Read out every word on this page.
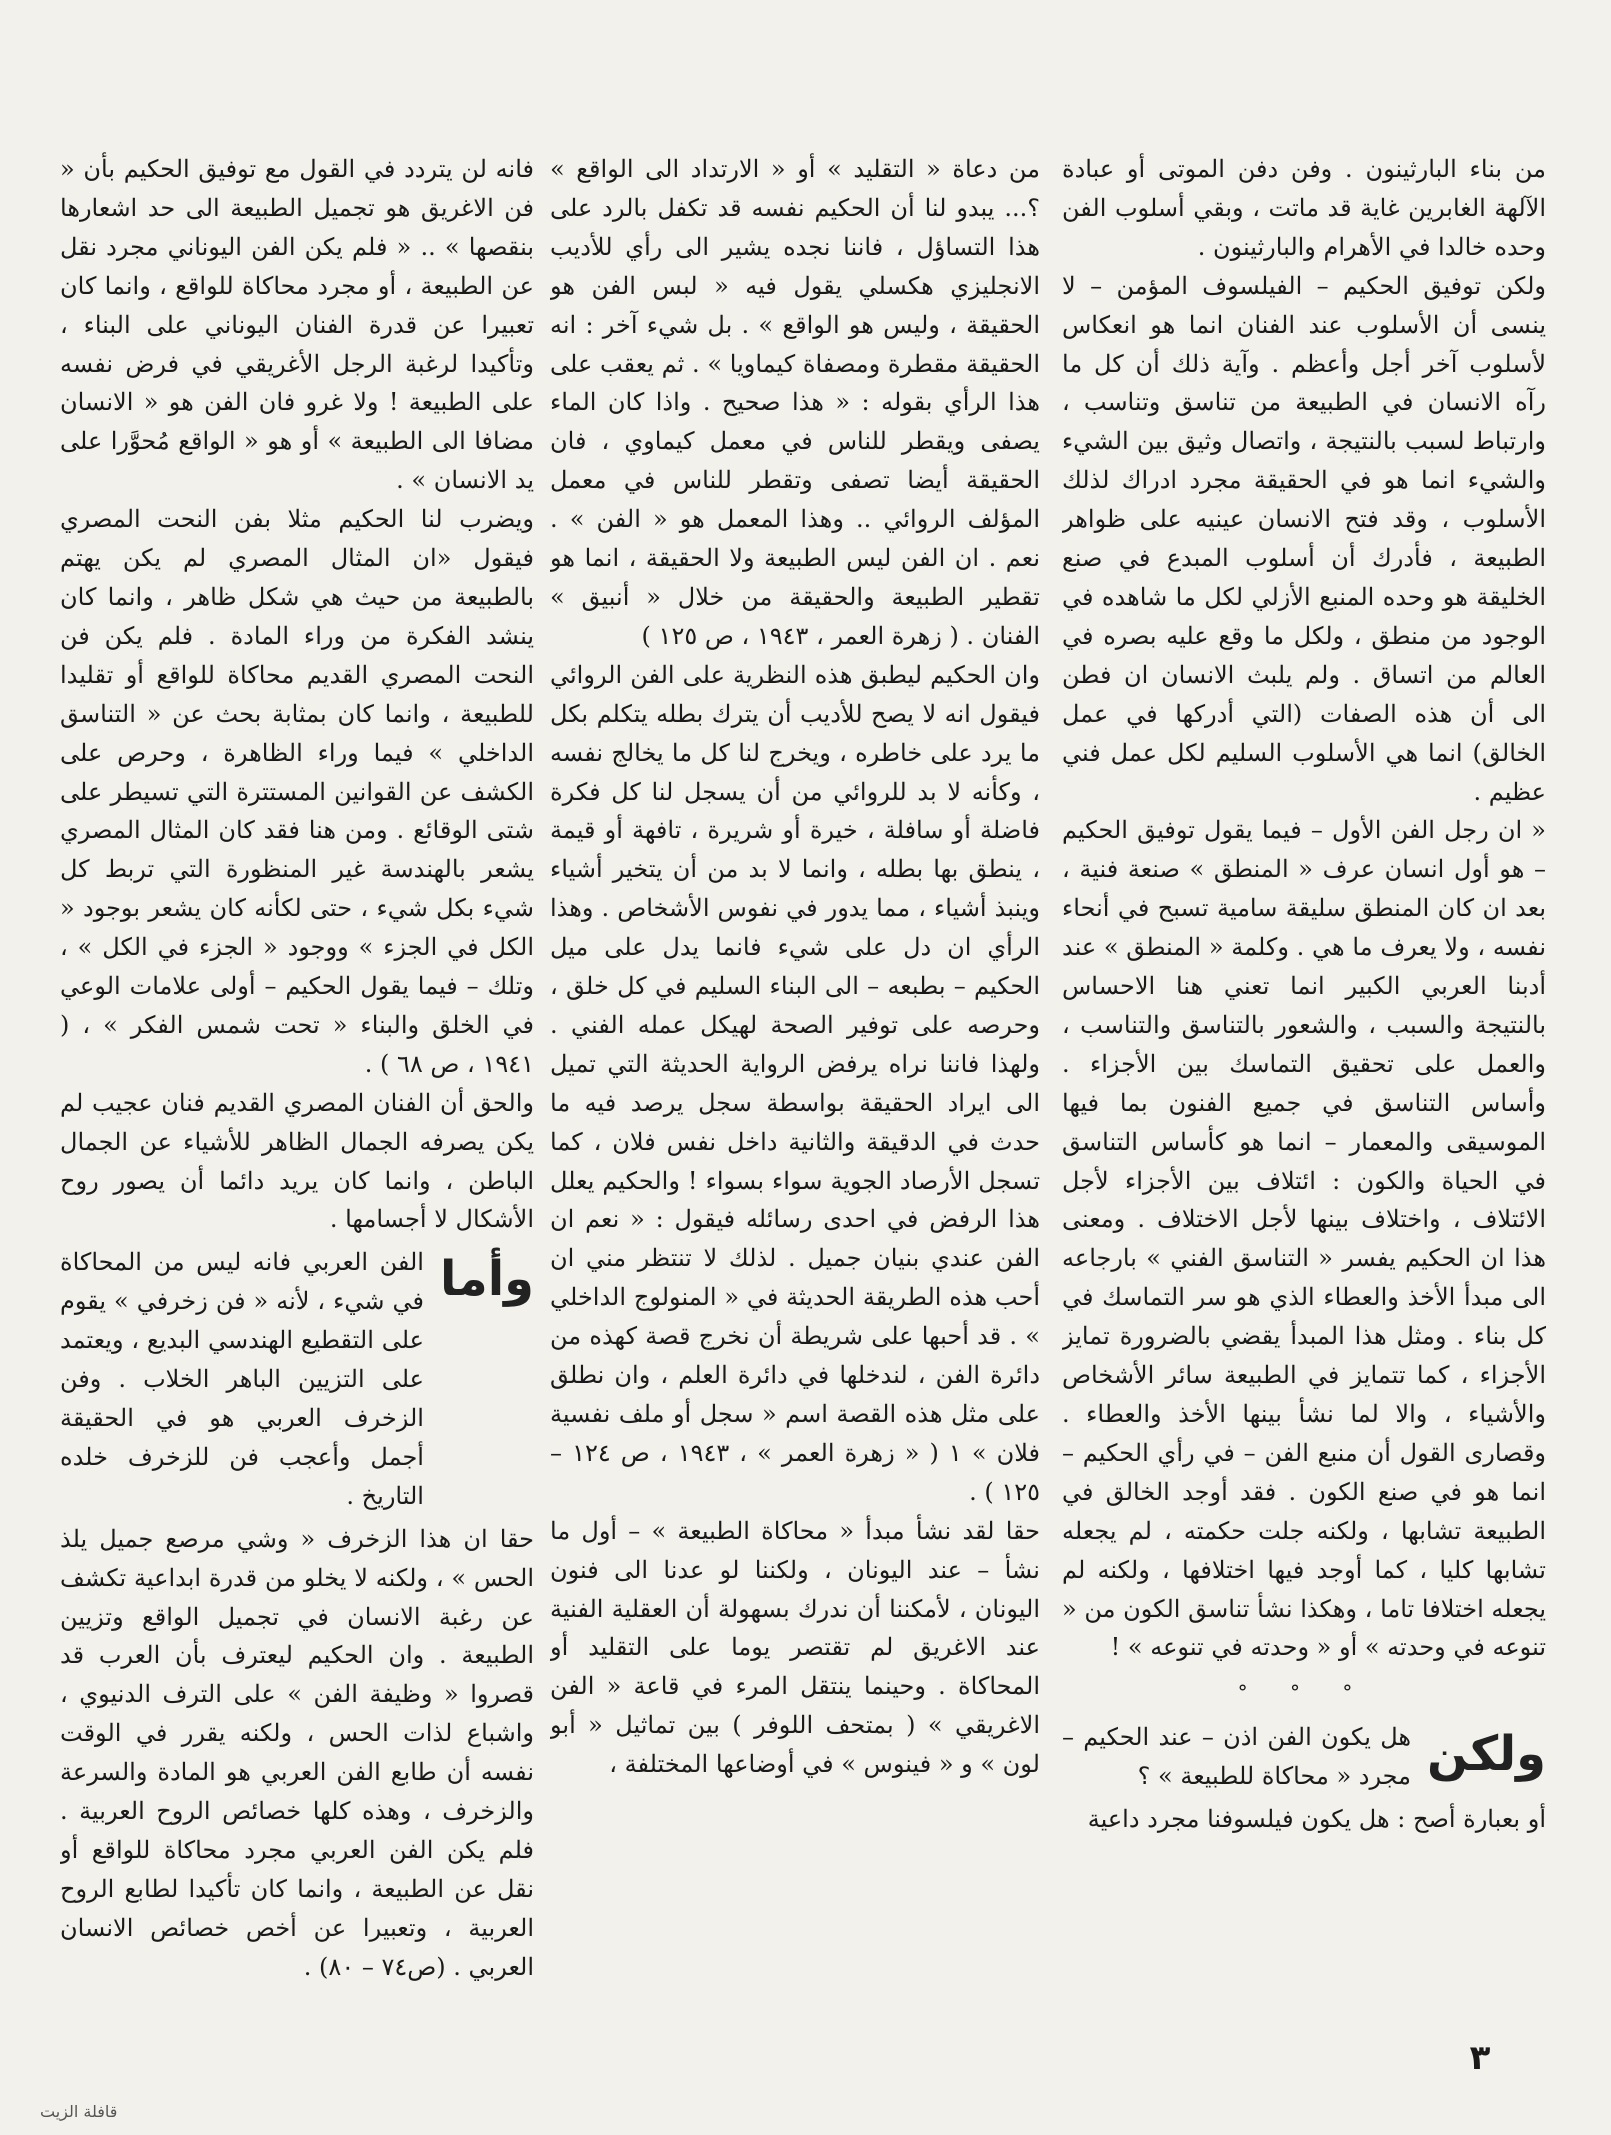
من بناء البارثينون . وفن دفن الموتى أو عبادة الآلهة الغابرين غاية قد ماتت ، وبقي أسلوب الفن وحده خالدا في الأهرام والبارثينون .

ولكن توفيق الحكيم – الفيلسوف المؤمن – لا ينسى أن الأسلوب عند الفنان انما هو انعكاس لأسلوب آخر أجل وأعظم . وآية ذلك أن كل ما رآه الانسان في الطبيعة من تناسق وتناسب ، وارتباط لسبب بالنتيجة ، واتصال وثيق بين الشيء والشيء انما هو في الحقيقة مجرد ادراك لذلك الأسلوب ، وقد فتح الانسان عينيه على ظواهر الطبيعة ، فأدرك أن أسلوب المبدع في صنع الخليقة هو وحده المنبع الأزلي لكل ما شاهده في الوجود من منطق ، ولكل ما وقع عليه بصره في العالم من اتساق . ولم يلبث الانسان ان فطن الى أن هذه الصفات (التي أدركها في عمل الخالق) انما هي الأسلوب السليم لكل عمل فني عظيم .

« ان رجل الفن الأول – فيما يقول توفيق الحكيم – هو أول انسان عرف « المنطق » صنعة فنية ، بعد ان كان المنطق سليقة سامية تسبح في أنحاء نفسه ، ولا يعرف ما هي . وكلمة « المنطق » عند أدبنا العربي الكبير انما تعني هنا الاحساس بالنتيجة والسبب ، والشعور بالتناسق والتناسب ، والعمل على تحقيق التماسك بين الأجزاء . وأساس التناسق في جميع الفنون بما فيها الموسيقى والمعمار – انما هو كأساس التناسق في الحياة والكون : ائتلاف بين الأجزاء لأجل الائتلاف ، واختلاف بينها لأجل الاختلاف . ومعنى هذا ان الحكيم يفسر « التناسق الفني » بارجاعه الى مبدأ الأخذ والعطاء الذي هو سر التماسك في كل بناء . ومثل هذا المبدأ يقضي بالضرورة تمايز الأجزاء ، كما تتمايز في الطبيعة سائر الأشخاص والأشياء ، والا لما نشأ بينها الأخذ والعطاء . وقصارى القول أن منبع الفن – في رأي الحكيم – انما هو في صنع الكون . فقد أوجد الخالق في الطبيعة تشابها ، ولكنه جلت حكمته ، لم يجعله تشابها كليا ، كما أوجد فيها اختلافها ، ولكنه لم يجعله اختلافا تاما ، وهكذا نشأ تناسق الكون من « تنوعه في وحدته » أو « وحدته في تنوعه » !

° ° °
ولكن
هل يكون الفن اذن – عند الحكيم – مجرد « محاكاة للطبيعة » ؟

أو بعبارة أصح : هل يكون فيلسوفنا مجرد داعية

من دعاة « التقليد » أو « الارتداد الى الواقع » ؟... يبدو لنا أن الحكيم نفسه قد تكفل بالرد على هذا التساؤل ، فاننا نجده يشير الى رأي للأديب الانجليزي هكسلي يقول فيه « لبس الفن هو الحقيقة ، وليس هو الواقع » . بل شيء آخر : انه الحقيقة مقطرة ومصفاة كيماويا » . ثم يعقب على هذا الرأي بقوله : « هذا صحيح . واذا كان الماء يصفى ويقطر للناس في معمل كيماوي ، فان الحقيقة أيضا تصفى وتقطر للناس في معمل المؤلف الروائي .. وهذا المعمل هو « الفن » . نعم . ان الفن ليس الطبيعة ولا الحقيقة ، انما هو تقطير الطبيعة والحقيقة من خلال « أنبيق » الفنان . ( زهرة العمر ، ١٩٤٣ ، ص ١٢٥ )

وان الحكيم ليطبق هذه النظرية على الفن الروائي فيقول انه لا يصح للأديب أن يترك بطله يتكلم بكل ما يرد على خاطره ، ويخرج لنا كل ما يخالج نفسه ، وكأنه لا بد للروائي من أن يسجل لنا كل فكرة فاضلة أو سافلة ، خيرة أو شريرة ، تافهة أو قيمة ، ينطق بها بطله ، وانما لا بد من أن يتخير أشياء وينبذ أشياء ، مما يدور في نفوس الأشخاص . وهذا الرأي ان دل على شيء فانما يدل على ميل الحكيم – بطبعه – الى البناء السليم في كل خلق ، وحرصه على توفير الصحة لهيكل عمله الفني . ولهذا فاننا نراه يرفض الرواية الحديثة التي تميل الى ايراد الحقيقة بواسطة سجل يرصد فيه ما حدث في الدقيقة والثانية داخل نفس فلان ، كما تسجل الأرصاد الجوية سواء بسواء ! والحكيم يعلل هذا الرفض في احدى رسائله فيقول : « نعم ان الفن عندي بنيان جميل . لذلك لا تنتظر مني ان أحب هذه الطريقة الحديثة في « المنولوج الداخلي » . قد أحبها على شريطة أن نخرج قصة كهذه من دائرة الفن ، لندخلها في دائرة العلم ، وان نطلق على مثل هذه القصة اسم « سجل أو ملف نفسية فلان » ١ ( « زهرة العمر » ، ١٩٤٣ ، ص ١٢٤ – ١٢٥ ) .

حقا لقد نشأ مبدأ « محاكاة الطبيعة » – أول ما نشأ – عند اليونان ، ولكننا لو عدنا الى فنون اليونان ، لأمكننا أن ندرك بسهولة أن العقلية الفنية عند الاغريق لم تقتصر يوما على التقليد أو المحاكاة . وحينما ينتقل المرء في قاعة « الفن الاغريقي » ( بمتحف اللوفر ) بين تماثيل « أبو لون » و « فينوس » في أوضاعها المختلفة ،

فانه لن يتردد في القول مع توفيق الحكيم بأن « فن الاغريق هو تجميل الطبيعة الى حد اشعارها بنقصها » .. « فلم يكن الفن اليوناني مجرد نقل عن الطبيعة ، أو مجرد محاكاة للواقع ، وانما كان تعبيرا عن قدرة الفنان اليوناني على البناء ، وتأكيدا لرغبة الرجل الأغريقي في فرض نفسه على الطبيعة ! ولا غرو فان الفن هو « الانسان مضافا الى الطبيعة » أو هو « الواقع مُحوَّرا على يد الانسان » .

ويضرب لنا الحكيم مثلا بفن النحت المصري فيقول «ان المثال المصري لم يكن يهتم بالطبيعة من حيث هي شكل ظاهر ، وانما كان ينشد الفكرة من وراء المادة . فلم يكن فن النحت المصري القديم محاكاة للواقع أو تقليدا للطبيعة ، وانما كان بمثابة بحث عن « التناسق الداخلي » فيما وراء الظاهرة ، وحرص على الكشف عن القوانين المستترة التي تسيطر على شتى الوقائع . ومن هنا فقد كان المثال المصري يشعر بالهندسة غير المنظورة التي تربط كل شيء بكل شيء ، حتى لكأنه كان يشعر بوجود « الكل في الجزء » ووجود « الجزء في الكل » ، وتلك – فيما يقول الحكيم – أولى علامات الوعي في الخلق والبناء « تحت شمس الفكر » ، ( ١٩٤١ ، ص ٦٨ ) .

والحق أن الفنان المصري القديم فنان عجيب لم يكن يصرفه الجمال الظاهر للأشياء عن الجمال الباطن ، وانما كان يريد دائما أن يصور روح الأشكال لا أجسامها .

وأما
الفن العربي فانه ليس من المحاكاة في شيء ، لأنه « فن زخرفي » يقوم على التقطيع الهندسي البديع ، ويعتمد على التزيين الباهر الخلاب . وفن الزخرف العربي هو في الحقيقة أجمل وأعجب فن للزخرف خلده التاريخ .

حقا ان هذا الزخرف « وشي مرصع جميل يلذ الحس » ، ولكنه لا يخلو من قدرة ابداعية تكشف عن رغبة الانسان في تجميل الواقع وتزيين الطبيعة . وان الحكيم ليعترف بأن العرب قد قصروا « وظيفة الفن » على الترف الدنيوي ، واشباع لذات الحس ، ولكنه يقرر في الوقت نفسه أن طابع الفن العربي هو المادة والسرعة والزخرف ، وهذه كلها خصائص الروح العربية . فلم يكن الفن العربي مجرد محاكاة للواقع أو نقل عن الطبيعة ، وانما كان تأكيدا لطابع الروح العربية ، وتعبيرا عن أخص خصائص الانسان العربي . (ص٧٤ – ٨٠) .

٣
قافلة الزيت
